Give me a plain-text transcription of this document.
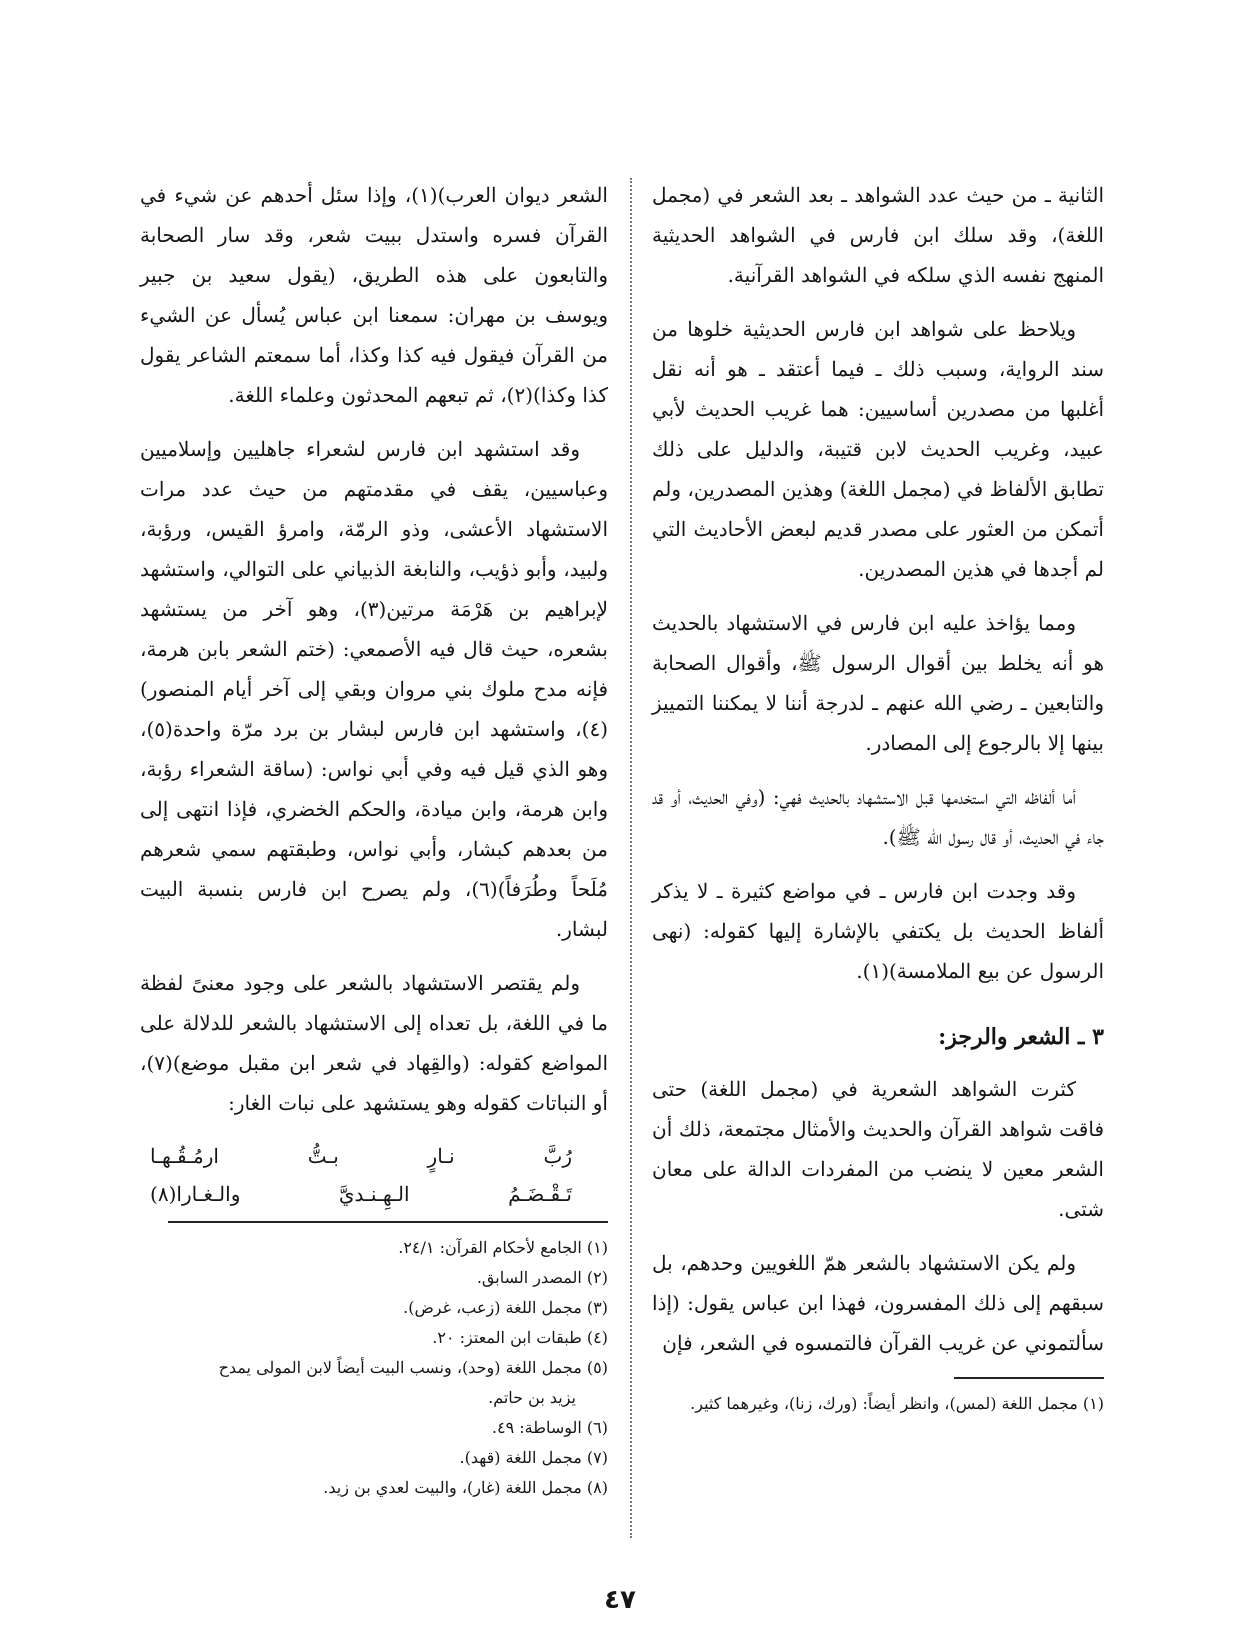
الثانية ـ من حيث عدد الشواهد ـ بعد الشعر في (مجمل اللغة)، وقد سلك ابن فارس في الشواهد الحديثية المنهج نفسه الذي سلكه في الشواهد القرآنية.

ويلاحظ على شواهد ابن فارس الحديثية خلوها من سند الرواية، وسبب ذلك ـ فيما أعتقد ـ هو أنه نقل أغلبها من مصدرين أساسيين: هما غريب الحديث لأبي عبيد، وغريب الحديث لابن قتيبة، والدليل على ذلك تطابق الألفاظ في (مجمل اللغة) وهذين المصدرين، ولم أتمكن من العثور على مصدر قديم لبعض الأحاديث التي لم أجدها في هذين المصدرين.

ومما يؤاخذ عليه ابن فارس في الاستشهاد بالحديث هو أنه يخلط بين أقوال الرسول ﷺ، وأقوال الصحابة والتابعين ـ رضي الله عنهم ـ لدرجة أننا لا يمكننا التمييز بينها إلا بالرجوع إلى المصادر.

أما ألفاظه التي استخدمها قبل الاستشهاد بالحديث فهي: (وفي الحديث، أو قد جاء في الحديث، أو قال رسول الله ﷺ).

وقد وجدت ابن فارس ـ في مواضع كثيرة ـ لا يذكر ألفاظ الحديث بل يكتفي بالإشارة إليها كقوله: (نهى الرسول عن بيع الملامسة)(١).

٣ ـ الشعر والرجز:

كثرت الشواهد الشعرية في (مجمل اللغة) حتى فاقت شواهد القرآن والحديث والأمثال مجتمعة، ذلك أن الشعر معين لا ينضب من المفردات الدالة على معان شتى.

ولم يكن الاستشهاد بالشعر همّ اللغويين وحدهم، بل سبقهم إلى ذلك المفسرون، فهذا ابن عباس يقول: (إذا سألتموني عن غريب القرآن فالتمسوه في الشعر، فإن

(١) مجمل اللغة (لمس)، وانظر أيضاً: (ورك، زنا)، وغيرهما كثير.

الشعر ديوان العرب)(١)، وإذا سئل أحدهم عن شيء في القرآن فسره واستدل ببيت شعر، وقد سار الصحابة والتابعون على هذه الطريق، (يقول سعيد بن جبير ويوسف بن مهران: سمعنا ابن عباس يُسأل عن الشيء من القرآن فيقول فيه كذا وكذا، أما سمعتم الشاعر يقول كذا وكذا)(٢)، ثم تبعهم المحدثون وعلماء اللغة.

وقد استشهد ابن فارس لشعراء جاهليين وإسلاميين وعباسيين، يقف في مقدمتهم من حيث عدد مرات الاستشهاد الأعشى، وذو الرمّة، وامرؤ القيس، ورؤبة، ولبيد، وأبو ذؤيب، والنابغة الذبياني على التوالي، واستشهد لإبراهيم بن هَرْمَة مرتين(٣)، وهو آخر من يستشهد بشعره، حيث قال فيه الأصمعي: (ختم الشعر بابن هرمة، فإنه مدح ملوك بني مروان وبقي إلى آخر أيام المنصور)(٤)، واستشهد ابن فارس لبشار بن برد مرّة واحدة(٥)، وهو الذي قيل فيه وفي أبي نواس: (ساقة الشعراء رؤبة، وابن هرمة، وابن ميادة، والحكم الخضري، فإذا انتهى إلى من بعدهم كبشار، وأبي نواس، وطبقتهم سمي شعرهم مُلَحاً وطُرَفاً)(٦)، ولم يصرح ابن فارس بنسبة البيت لبشار.

ولم يقتصر الاستشهاد بالشعر على وجود معنىً لفظة ما في اللغة، بل تعداه إلى الاستشهاد بالشعر للدلالة على المواضع كقوله: (والقِهاد في شعر ابن مقبل موضع)(٧)، أو النباتات كقوله وهو يستشهد على نبات الغار:

رُبَّ
نـارٍ
بـتُّ
ارمُـقُـهـا
تَـقْـضَـمُ
الـهِـنـديَّ
والـغـارا(٨)

(١) الجامع لأحكام القرآن: ٢٤/١.

(٢) المصدر السابق.

(٣) مجمل اللغة (زعب، غرض).

(٤) طبقات ابن المعتز: ٢٠.

(٥) مجمل اللغة (وحد)، ونسب البيت أيضاً لابن المولى يمدح

يزيد بن حاتم.

(٦) الوساطة: ٤٩.

(٧) مجمل اللغة (قهد).

(٨) مجمل اللغة (غار)، والبيت لعدي بن زيد.

٤٧
